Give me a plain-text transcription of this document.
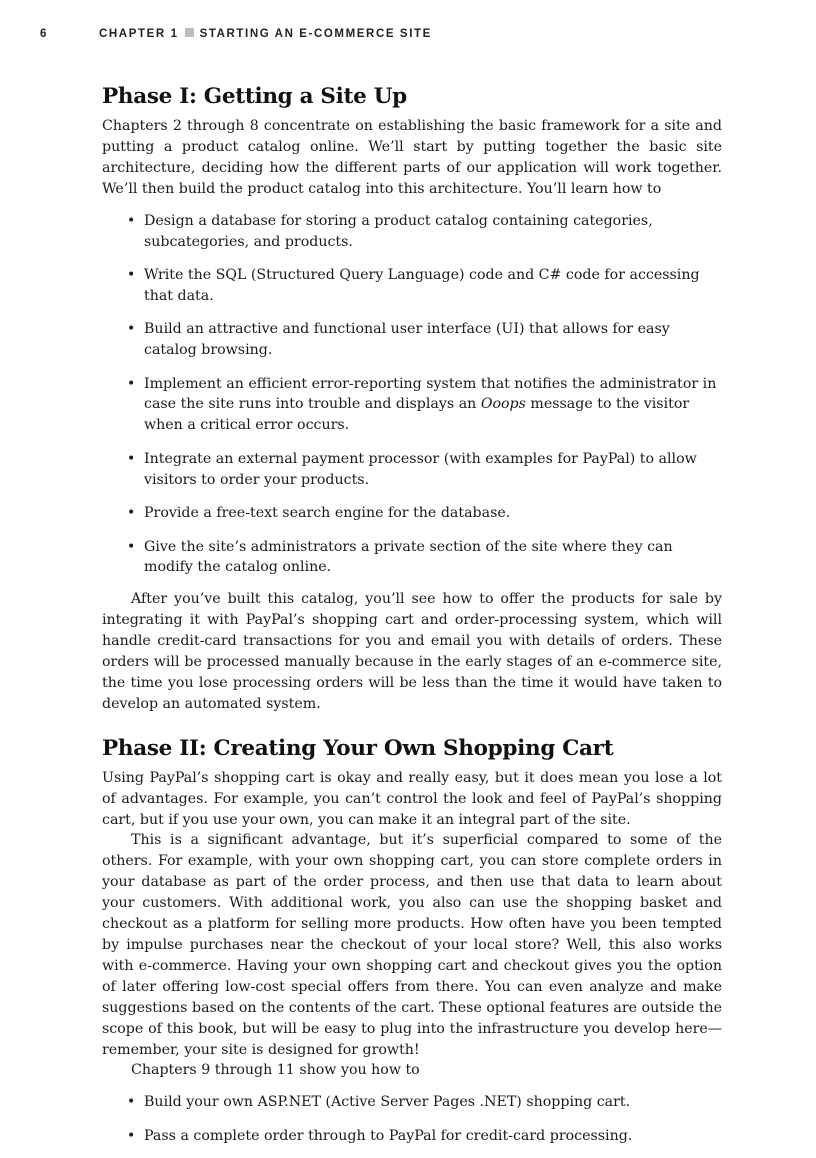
6	CHAPTER 1 STARTING AN E-COMMERCE SITE
Phase I: Getting a Site Up

Chapters 2 through 8 concentrate on establishing the basic framework for a site and putting a product catalog online. We’ll start by putting together the basic site architecture, deciding how the different parts of our application will work together. We’ll then build the product catalog into this architecture. You’ll learn how to

• Design a database for storing a product catalog containing categories, subcategories, and products.
• Write the SQL (Structured Query Language) code and C# code for accessing that data.
• Build an attractive and functional user interface (UI) that allows for easy catalog browsing.
• Implement an efficient error-reporting system that notifies the administrator in case the site runs into trouble and displays an Ooops message to the visitor when a critical error occurs.
• Integrate an external payment processor (with examples for PayPal) to allow visitors to order your products.
• Provide a free-text search engine for the database.
• Give the site’s administrators a private section of the site where they can modify the catalog online.

After you’ve built this catalog, you’ll see how to offer the products for sale by integrating it with PayPal’s shopping cart and order-processing system, which will handle credit-card transactions for you and email you with details of orders. These orders will be processed manually because in the early stages of an e-commerce site, the time you lose processing orders will be less than the time it would have taken to develop an automated system.

Phase II: Creating Your Own Shopping Cart

Using PayPal’s shopping cart is okay and really easy, but it does mean you lose a lot of advantages. For example, you can’t control the look and feel of PayPal’s shopping cart, but if you use your own, you can make it an integral part of the site.

This is a significant advantage, but it’s superficial compared to some of the others. For example, with your own shopping cart, you can store complete orders in your database as part of the order process, and then use that data to learn about your customers. With additional work, you also can use the shopping basket and checkout as a platform for selling more products. How often have you been tempted by impulse purchases near the checkout of your local store? Well, this also works with e-commerce. Having your own shopping cart and checkout gives you the option of later offering low-cost special offers from there. You can even analyze and make suggestions based on the contents of the cart. These optional features are outside the scope of this book, but will be easy to plug into the infrastructure you develop here—remember, your site is designed for growth!

Chapters 9 through 11 show you how to

• Build your own ASP.NET (Active Server Pages .NET) shopping cart.
• Pass a complete order through to PayPal for credit-card processing.
